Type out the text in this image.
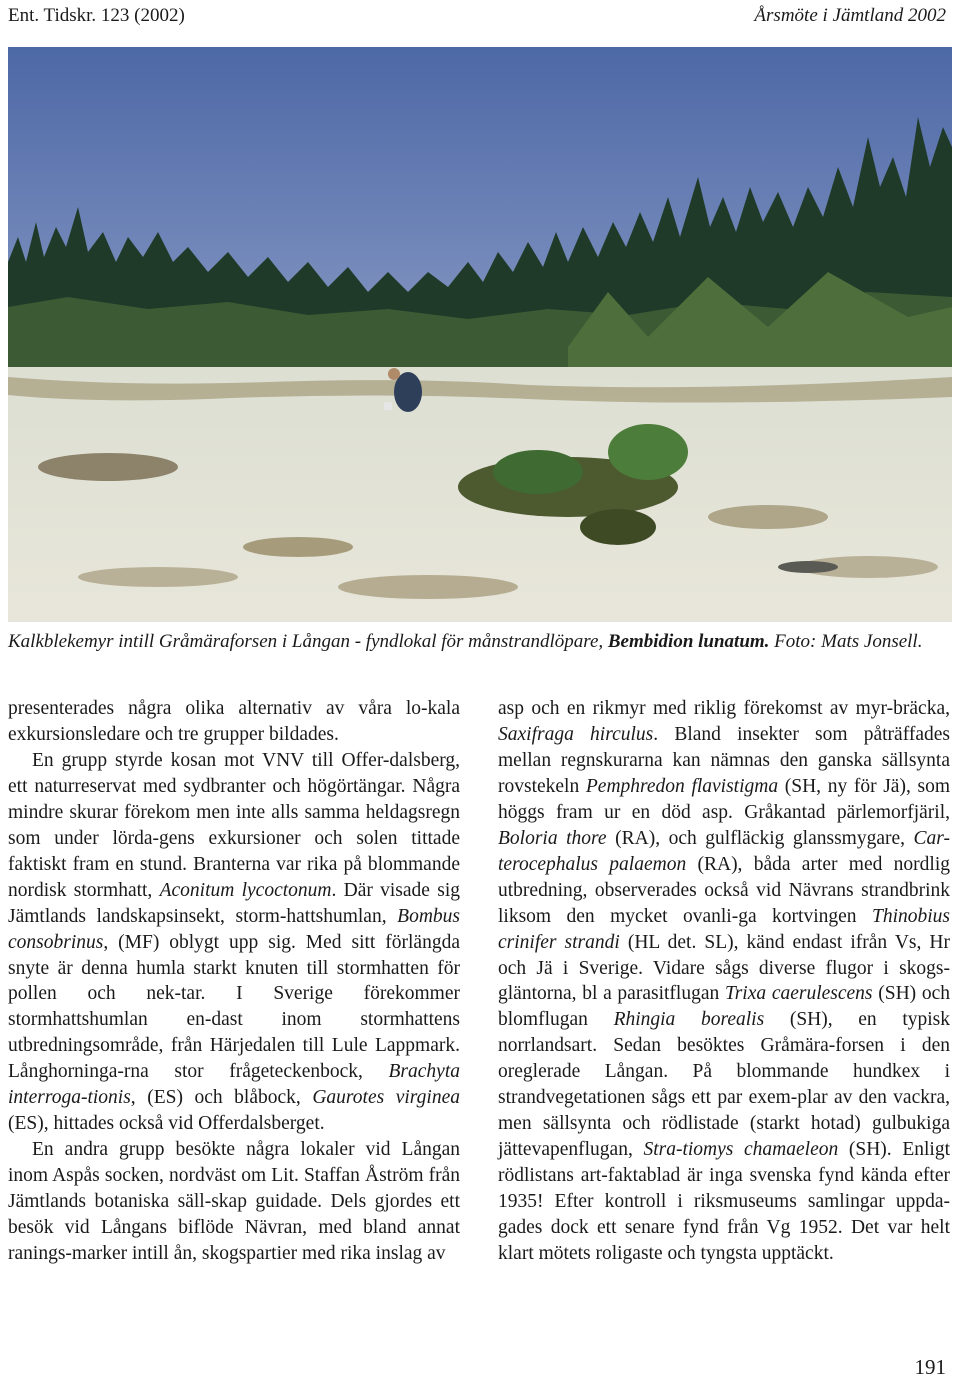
Ent. Tidskr. 123 (2002)	Årsmöte i Jämtland 2002
Kalkblekemyr intill Gråmäraforsen i Långan - fyndlokal för månstrandlöpare, Bembidion lunatum. Foto: Mats Jonsell.

presenterades några olika alternativ av våra lo-kala exkursionsledare och tre grupper bildades.

En grupp styrde kosan mot VNV till Offer-dalsberg, ett naturreservat med sydbranter och högörtängar. Några mindre skurar förekom men inte alls samma heldagsregn som under lörda-gens exkursioner och solen tittade faktiskt fram en stund. Branterna var rika på blommande nordisk stormhatt, Aconitum lycoctonum. Där visade sig Jämtlands landskapsinsekt, storm-hattshumlan, Bombus consobrinus, (MF) oblygt upp sig. Med sitt förlängda snyte är denna humla starkt knuten till stormhatten för pollen och nek-tar. I Sverige förekommer stormhattshumlan en-dast inom stormhattens utbredningsområde, från Härjedalen till Lule Lappmark. Långhorninga-rna stor frågeteckenbock, Brachyta interroga-tionis, (ES) och blåbock, Gaurotes virginea (ES), hittades också vid Offerdalsberget.

En andra grupp besökte några lokaler vid Långan inom Aspås socken, nordväst om Lit. Staffan Åström från Jämtlands botaniska säll-skap guidade. Dels gjordes ett besök vid Långans biflöde Nävran, med bland annat ranings-marker intill ån, skogspartier med rika inslag av

asp och en rikmyr med riklig förekomst av myr-bräcka, Saxifraga hirculus. Bland insekter som påträffades mellan regnskurarna kan nämnas den ganska sällsynta rovstekeln Pemphredon flavistigma (SH, ny för Jä), som höggs fram ur en död asp. Gråkantad pärlemorfjäril, Boloria thore (RA), och gulfläckig glanssmygare, Car-terocephalus palaemon (RA), båda arter med nordlig utbredning, observerades också vid Nävrans strandbrink liksom den mycket ovanli-ga kortvingen Thinobius crinifer strandi (HL det. SL), känd endast ifrån Vs, Hr och Jä i Sverige. Vidare sågs diverse flugor i skogs-gläntorna, bl a parasitflugan Trixa caerulescens (SH) och blomflugan Rhingia borealis (SH), en typisk norrlandsart. Sedan besöktes Gråmära-forsen i den oreglerade Långan. På blommande hundkex i strandvegetationen sågs ett par exem-plar av den vackra, men sällsynta och rödlistade (starkt hotad) gulbukiga jättevapenflugan, Stra-tiomys chamaeleon (SH). Enligt rödlistans art-faktablad är inga svenska fynd kända efter 1935! Efter kontroll i riksmuseums samlingar uppda-gades dock ett senare fynd från Vg 1952. Det var helt klart mötets roligaste och tyngsta upptäckt.

191
